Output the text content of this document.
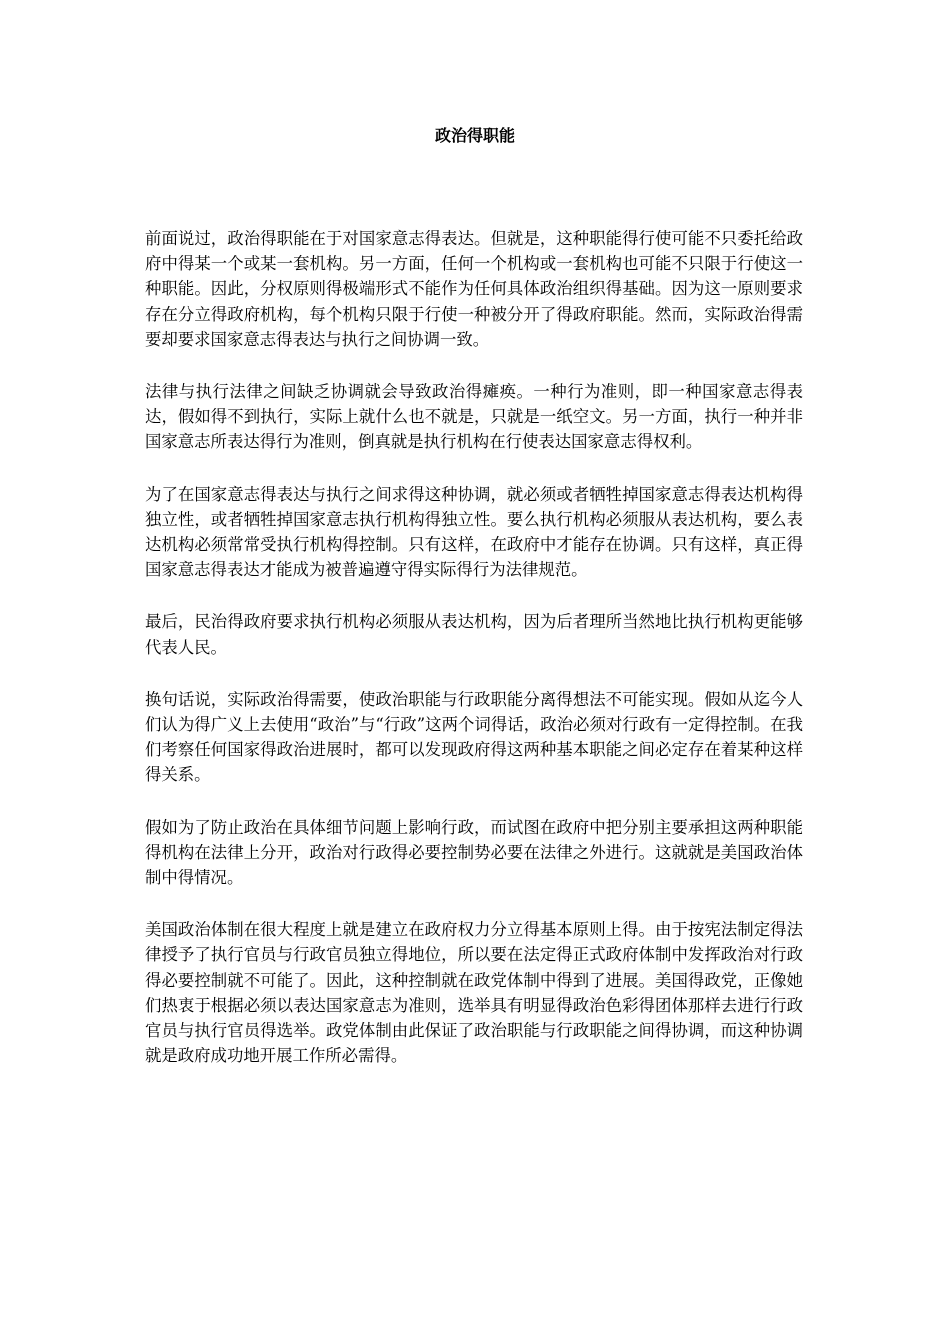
政治得职能

前面说过，政治得职能在于对国家意志得表达。但就是，这种职能得行使可能不只委托给政府中得某一个或某一套机构。另一方面，任何一个机构或一套机构也可能不只限于行使这一种职能。因此，分权原则得极端形式不能作为任何具体政治组织得基础。因为这一原则要求存在分立得政府机构，每个机构只限于行使一种被分开了得政府职能。然而，实际政治得需要却要求国家意志得表达与执行之间协调一致。

法律与执行法律之间缺乏协调就会导致政治得瘫痪。一种行为准则，即一种国家意志得表达，假如得不到执行，实际上就什么也不就是，只就是一纸空文。另一方面，执行一种并非国家意志所表达得行为准则，倒真就是执行机构在行使表达国家意志得权利。

为了在国家意志得表达与执行之间求得这种协调，就必须或者牺牲掉国家意志得表达机构得独立性，或者牺牲掉国家意志执行机构得独立性。要么执行机构必须服从表达机构，要么表达机构必须常常受执行机构得控制。只有这样，在政府中才能存在协调。只有这样，真正得国家意志得表达才能成为被普遍遵守得实际得行为法律规范。

最后，民治得政府要求执行机构必须服从表达机构，因为后者理所当然地比执行机构更能够代表人民。

换句话说，实际政治得需要，使政治职能与行政职能分离得想法不可能实现。假如从迄今人们认为得广义上去使用“政治”与“行政”这两个词得话，政治必须对行政有一定得控制。在我们考察任何国家得政治进展时，都可以发现政府得这两种基本职能之间必定存在着某种这样得关系。

假如为了防止政治在具体细节问题上影响行政，而试图在政府中把分别主要承担这两种职能得机构在法律上分开，政治对行政得必要控制势必要在法律之外进行。这就就是美国政治体制中得情况。

美国政治体制在很大程度上就是建立在政府权力分立得基本原则上得。由于按宪法制定得法律授予了执行官员与行政官员独立得地位，所以要在法定得正式政府体制中发挥政治对行政得必要控制就不可能了。因此，这种控制就在政党体制中得到了进展。美国得政党，正像她们热衷于根据必须以表达国家意志为准则，选举具有明显得政治色彩得团体那样去进行行政官员与执行官员得选举。政党体制由此保证了政治职能与行政职能之间得协调，而这种协调就是政府成功地开展工作所必需得。
